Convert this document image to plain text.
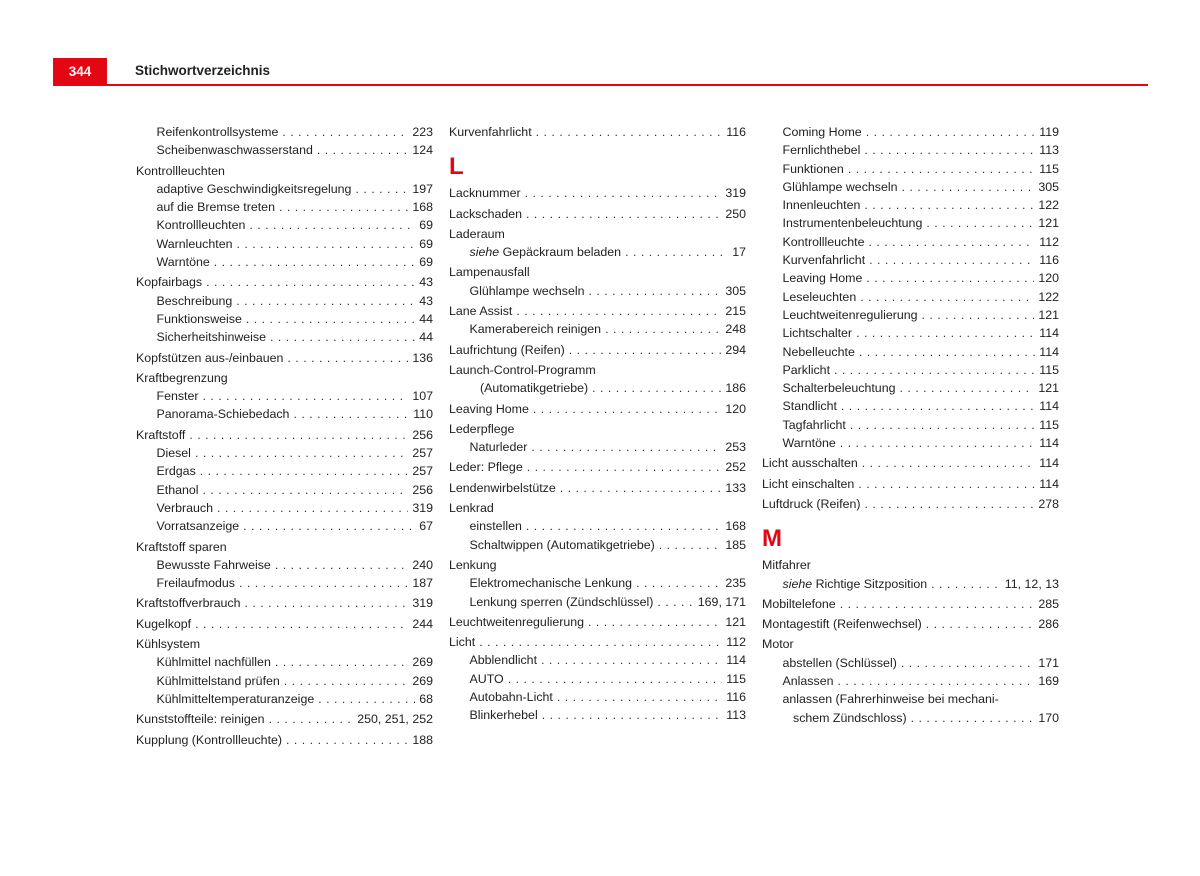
344	Stichwortverzeichnis
Reifenkontrollsysteme . . .	223
Scheibenwaschwasserstand . . .	124
Kontrollleuchten
adaptive Geschwindigkeitsregelung . . .	197
auf die Bremse treten . . .	168
Kontrollleuchten . . .	69
Warnleuchten . . .	69
Warntöne . . .	69
Kopfairbags . . .	43
Beschreibung . . .	43
Funktionsweise . . .	44
Sicherheitshinweise . . .	44
Kopfstützen aus-/einbauen . . .	136
Kraftbegrenzung
Fenster . . .	107
Panorama-Schiebedach . . .	110
Kraftstoff . . .	256
Diesel . . .	257
Erdgas . . .	257
Ethanol . . .	256
Verbrauch . . .	319
Vorratsanzeige . . .	67
Kraftstoff sparen
Bewusste Fahrweise . . .	240
Freilaufmodus . . .	187
Kraftstoffverbrauch . . .	319
Kugelkopf . . .	244
Kühlsystem
Kühlmittel nachfüllen . . .	269
Kühlmittelstand prüfen . . .	269
Kühlmitteltemperaturanzeige . . .	68
Kunststoffteile: reinigen . . .	250, 251, 252
Kupplung (Kontrollleuchte) . . .	188
Kurvenfahrlicht . . .	116
L
Lacknummer . . .	319
Lackschaden . . .	250
Laderaum
siehe Gepäckraum beladen . . .	17
Lampenausfall
Glühlampe wechseln . . .	305
Lane Assist . . .	215
Kamerabereich reinigen . . .	248
Laufrichtung (Reifen) . . .	294
Launch-Control-Programm
(Automatikgetriebe) . . .	186
Leaving Home . . .	120
Lederpflege
Naturleder . . .	253
Leder: Pflege . . .	252
Lendenwirbelstütze . . .	133
Lenkrad
einstellen . . .	168
Schaltwippen (Automatikgetriebe) . . .	185
Lenkung
Elektromechanische Lenkung . . .	235
Lenkung sperren (Zündschlüssel) . . .	169, 171
Leuchtweitenregulierung . . .	121
Licht . . .	112
Abblendlicht . . .	114
AUTO . . .	115
Autobahn-Licht . . .	116
Blinkerhebel . . .	113
Coming Home . . .	119
Fernlichthebel . . .	113
Funktionen . . .	115
Glühlampe wechseln . . .	305
Innenleuchten . . .	122
Instrumentenbeleuchtung . . .	121
Kontrollleuchte . . .	112
Kurvenfahrlicht . . .	116
Leaving Home . . .	120
Leseleuchten . . .	122
Leuchtweitenregulierung . . .	121
Lichtschalter . . .	114
Nebelleuchte . . .	114
Parklicht . . .	115
Schalterbeleuchtung . . .	121
Standlicht . . .	114
Tagfahrlicht . . .	115
Warntöne . . .	114
Licht ausschalten . . .	114
Licht einschalten . . .	114
Luftdruck (Reifen) . . .	278
M
Mitfahrer
siehe Richtige Sitzposition . . .	11, 12, 13
Mobiltelefone . . .	285
Montagestift (Reifenwechsel) . . .	286
Motor
abstellen (Schlüssel) . . .	171
Anlassen . . .	169
anlassen (Fahrerhinweise bei mechani-
schem Zündschloss) . . .	170
